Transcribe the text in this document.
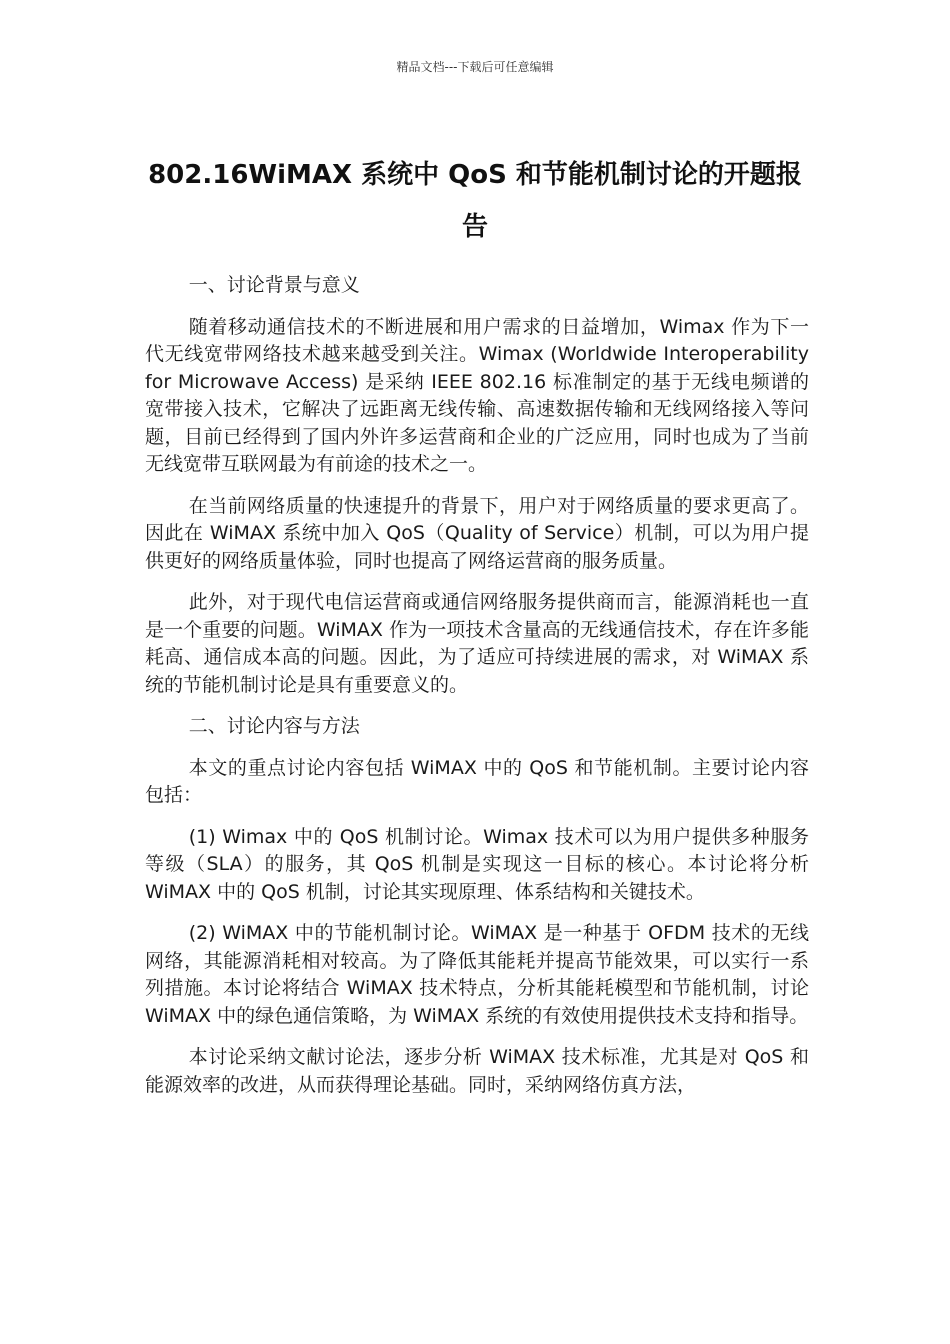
精品文档---下载后可任意编辑
802.16WiMAX 系统中 QoS 和节能机制讨论的开题报告

一、讨论背景与意义

随着移动通信技术的不断进展和用户需求的日益增加，Wimax 作为下一代无线宽带网络技术越来越受到关注。Wimax (Worldwide Interoperability for Microwave Access) 是采纳 IEEE 802.16 标准制定的基于无线电频谱的宽带接入技术，它解决了远距离无线传输、高速数据传输和无线网络接入等问题，目前已经得到了国内外许多运营商和企业的广泛应用，同时也成为了当前无线宽带互联网最为有前途的技术之一。

在当前网络质量的快速提升的背景下，用户对于网络质量的要求更高了。因此在 WiMAX 系统中加入 QoS（Quality of Service）机制，可以为用户提供更好的网络质量体验，同时也提高了网络运营商的服务质量。

此外，对于现代电信运营商或通信网络服务提供商而言，能源消耗也一直是一个重要的问题。WiMAX 作为一项技术含量高的无线通信技术，存在许多能耗高、通信成本高的问题。因此，为了适应可持续进展的需求，对 WiMAX 系统的节能机制讨论是具有重要意义的。

二、讨论内容与方法

本文的重点讨论内容包括 WiMAX 中的 QoS 和节能机制。主要讨论内容包括：

(1) Wimax 中的 QoS 机制讨论。Wimax 技术可以为用户提供多种服务等级（SLA）的服务，其 QoS 机制是实现这一目标的核心。本讨论将分析 WiMAX 中的 QoS 机制，讨论其实现原理、体系结构和关键技术。

(2) WiMAX 中的节能机制讨论。WiMAX 是一种基于 OFDM 技术的无线网络，其能源消耗相对较高。为了降低其能耗并提高节能效果，可以实行一系列措施。本讨论将结合 WiMAX 技术特点，分析其能耗模型和节能机制，讨论 WiMAX 中的绿色通信策略，为 WiMAX 系统的有效使用提供技术支持和指导。

本讨论采纳文献讨论法，逐步分析 WiMAX 技术标准，尤其是对 QoS 和能源效率的改进，从而获得理论基础。同时，采纳网络仿真方法，
